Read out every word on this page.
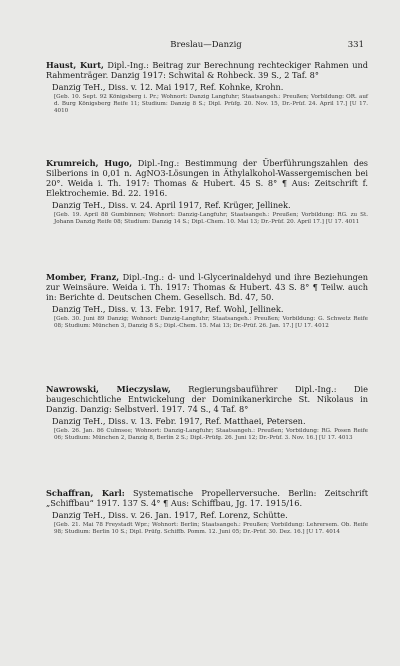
Breslau—Danzig	331

Haust, Kurt, Dipl.-Ing.: Beitrag zur Berechnung rechteckiger Rahmen und Rahmenträger. Danzig 1917: Schwital & Rohbeck. 39 S., 2 Taf. 8°

Danzig TeH., Diss. v. 12. Mai 1917, Ref. Kohnke, Krohn.

[Geb. 10. Sept. 92 Königsberg i. Pr.; Wohnort: Danzig Langfuhr; Staatsangeh.: Preußen; Vorbildung: OR. auf d. Burg Königsberg Reife 11; Studium: Danzig 8 S.; Dipl. Prüfg. 20. Nov. 15, Dr.-Prüf. 24. April 17.] [U 17. 4010

Krumreich, Hugo, Dipl.-Ing.: Bestimmung der Überführungszahlen des Silberions in 0,01 n. AgNO3-Lösungen in Äthylalkohol-Wassergemischen bei 20°. Weida i. Th. 1917: Thomas & Hubert. 45 S. 8° ¶ Aus: Zeitschrift f. Elektrochemie. Bd. 22. 1916.

Danzig TeH., Diss. v. 24. April 1917, Ref. Krüger, Jellinek.

[Geb. 19. April 88 Gumbinnen; Wohnort: Danzig-Langfuhr; Staatsangeh.: Preußen; Vorbildung: RG. zu St. Johann Danzig Reife 08; Studium: Danzig 14 S.; Dipl.-Chem. 10. Mai 13; Dr.-Prüf. 20. April 17.] [U 17. 4011

Momber, Franz, Dipl.-Ing.: d- und l-Glycerinaldehyd und ihre Beziehungen zur Weinsäure. Weida i. Th. 1917: Thomas & Hubert. 43 S. 8° ¶ Teilw. auch in: Berichte d. Deutschen Chem. Gesellsch. Bd. 47, 50.

Danzig TeH., Diss. v. 13. Febr. 1917, Ref. Wohl, Jellinek.

[Geb. 30. Juni 89 Danzig; Wohnort: Danzig-Langfuhr; Staatsangeh.: Preußen; Vorbildung: G. Schwetz Reife 08; Studium: München 3, Danzig 8 S.; Dipl.-Chem. 15. Mai 13; Dr.-Prüf. 26. Jan. 17.] [U 17. 4012

Nawrowski, Mieczyslaw, Regierungsbauführer Dipl.-Ing.: Die baugeschichtliche Entwickelung der Dominikanerkirche St. Nikolaus in Danzig. Danzig: Selbstverl. 1917. 74 S., 4 Taf. 8°

Danzig TeH., Diss. v. 13. Febr. 1917, Ref. Matthaei, Petersen.

[Geb. 26. Jan. 86 Culmsee; Wohnort: Danzig-Langfuhr; Staatsangeh.: Preußen; Vorbildung: RG. Posen Reife 06; Studium: München 2, Danzig 8, Berlin 2 S.; Dipl.-Prüfg. 26. Juni 12; Dr.-Prüf. 3. Nov. 16.] [U 17. 4013

Schaffran, Karl: Systematische Propellerversuche. Berlin: Zeitschrift „Schiffbau“ 1917. 137 S. 4° ¶ Aus: Schiffbau, Jg. 17. 1915/16.

Danzig TeH., Diss. v. 26. Jan. 1917, Ref. Lorenz, Schütte.

[Geb. 21. Mai 78 Freystadt Wpr.; Wohnort: Berlin; Staatsangeh.: Preußen; Vorbildung: Lehrersem. Ob. Reife 98; Studium: Berlin 10 S.; Dipl. Prüfg. Schiffb. Pomm. 12. Juni 05; Dr.-Prüf. 30. Dez. 16.] [U 17. 4014
